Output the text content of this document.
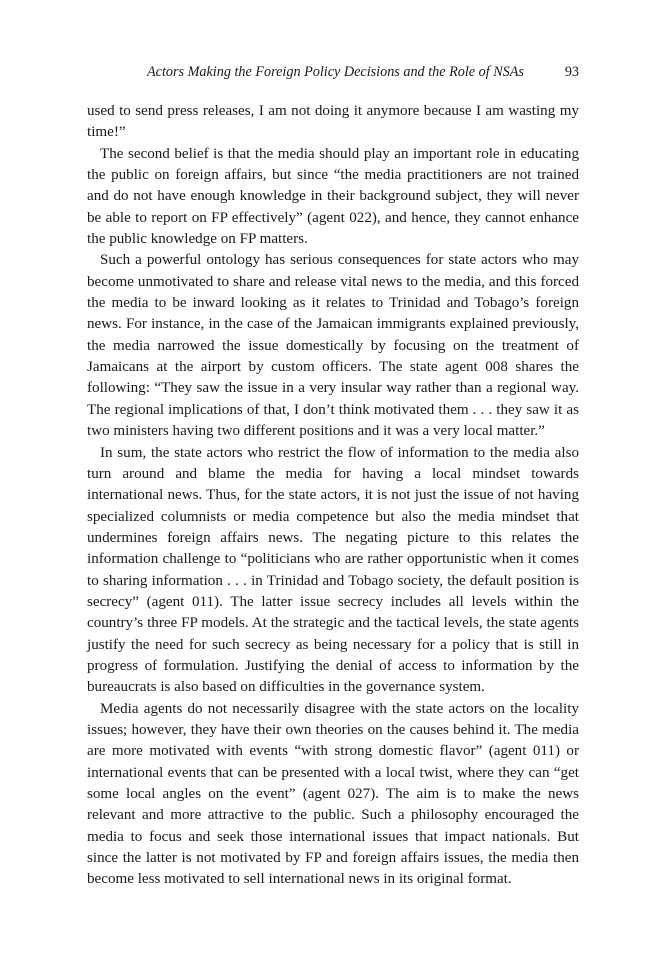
Actors Making the Foreign Policy Decisions and the Role of NSAs	93

used to send press releases, I am not doing it anymore because I am wasting my time!”

The second belief is that the media should play an important role in educating the public on foreign affairs, but since “the media practitioners are not trained and do not have enough knowledge in their background subject, they will never be able to report on FP effectively” (agent 022), and hence, they cannot enhance the public knowledge on FP matters.

Such a powerful ontology has serious consequences for state actors who may become unmotivated to share and release vital news to the media, and this forced the media to be inward looking as it relates to Trinidad and Tobago’s foreign news. For instance, in the case of the Jamaican immigrants explained previously, the media narrowed the issue domestically by focusing on the treatment of Jamaicans at the airport by custom officers. The state agent 008 shares the following: “They saw the issue in a very insular way rather than a regional way. The regional implications of that, I don’t think motivated them . . . they saw it as two ministers having two different positions and it was a very local matter.”

In sum, the state actors who restrict the flow of information to the media also turn around and blame the media for having a local mindset towards international news. Thus, for the state actors, it is not just the issue of not having specialized columnists or media competence but also the media mindset that undermines foreign affairs news. The negating picture to this relates the information challenge to “politicians who are rather opportunistic when it comes to sharing information . . . in Trinidad and Tobago society, the default position is secrecy” (agent 011). The latter issue secrecy includes all levels within the country’s three FP models. At the strategic and the tactical levels, the state agents justify the need for such secrecy as being necessary for a policy that is still in progress of formulation. Justifying the denial of access to information by the bureaucrats is also based on difficulties in the governance system.

Media agents do not necessarily disagree with the state actors on the locality issues; however, they have their own theories on the causes behind it. The media are more motivated with events “with strong domestic flavor” (agent 011) or international events that can be presented with a local twist, where they can “get some local angles on the event” (agent 027). The aim is to make the news relevant and more attractive to the public. Such a philosophy encouraged the media to focus and seek those international issues that impact nationals. But since the latter is not motivated by FP and foreign affairs issues, the media then become less motivated to sell international news in its original format.
